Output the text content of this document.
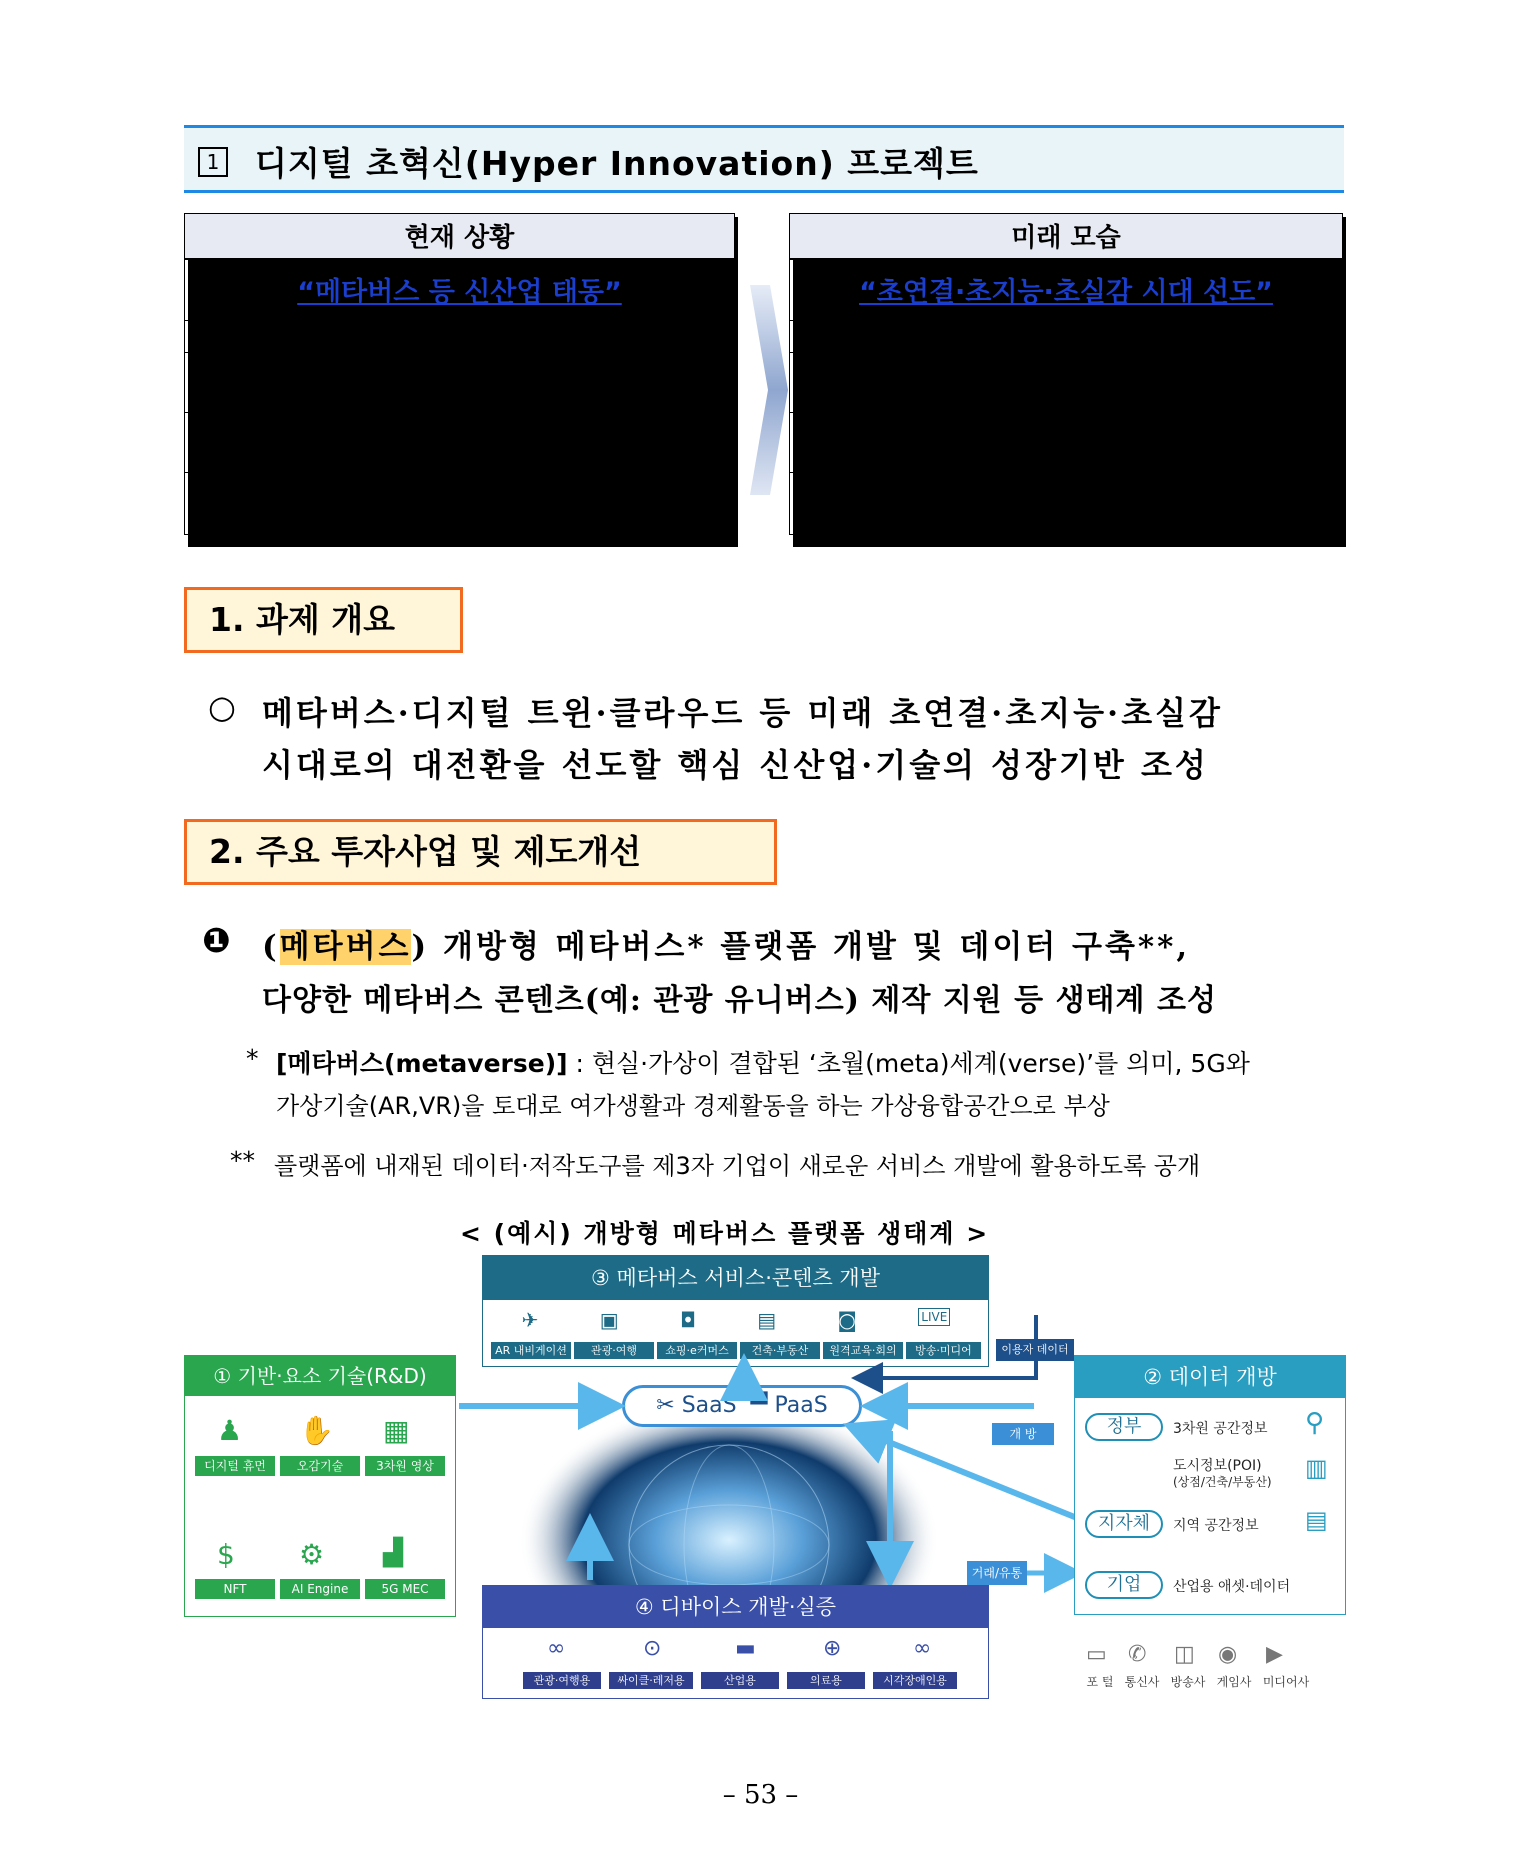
1 디지털 초혁신(Hyper Innovation) 프로젝트
현재 상황	
“메타버스 등 신산업 태동”	
성과지표	‘20년
메타버스 전문기업	21개(‘19)
공공이용 클라우드 서비스	15개
사물인터넷 기업 수	2,500개
미래 모습	
“초연결·초지능·초실감 시대 선도”	
‘22년	‘25년
56개	150개
150개	400개
2,700개	3,100개
1. 과제 개요
○ 메타버스·디지털 트윈·클라우드 등 미래 초연결·초지능·초실감
시대로의 대전환을 선도할 핵심 신산업·기술의 성장기반 조성
2. 주요 투자사업 및 제도개선
❶ (메타버스) 개방형 메타버스* 플랫폼 개발 및 데이터 구축**,
다양한 메타버스 콘텐츠(예: 관광 유니버스) 제작 지원 등 생태계 조성
* [메타버스(metaverse)] : 현실·가상이 결합된 ‘초월(meta)세계(verse)’를 의미, 5G와
가상기술(AR,VR)을 토대로 여가생활과 경제활동을 하는 가상융합공간으로 부상
** 플랫폼에 내재된 데이터·저작도구를 제3자 기업이 새로운 서비스 개발에 활용하도록 공개
< (예시) 개방형 메타버스 플랫폼 생태계 >
③ 메타버스 서비스·콘텐츠 개발
✈	▣	◘	▤	◙	LIVE
AR 내비게이션	관광·여행	쇼핑·e커머스	건축·부동산	원격교육·회의	방송·미디어
① 기반·요소 기술(R&D)
♟ ✋ ▦
디지털 휴먼	오감기술	3차원 영상
$ ⚙ ▟
NFT	AI Engine	5G MEC
✂ SaaS ▀ PaaS
이용자 데이터
개 방
거래/유통
② 데이터 개방
정부	3차원 공간정보 ⚲
도시정보(POI)
(상점/건축/부동산) ▥
지자체	지역 공간정보 ▤
기업	산업용 애셋·데이터
▭ ✆ ◫ ◉ ▶
포 털 통신사 방송사 게임사 미디어사
④ 디바이스 개발·실증
∞	⊙	▬	⊕	∞
관광·여행용	싸이클·레저용	산업용	의료용	시각장애인용
– 53 –
